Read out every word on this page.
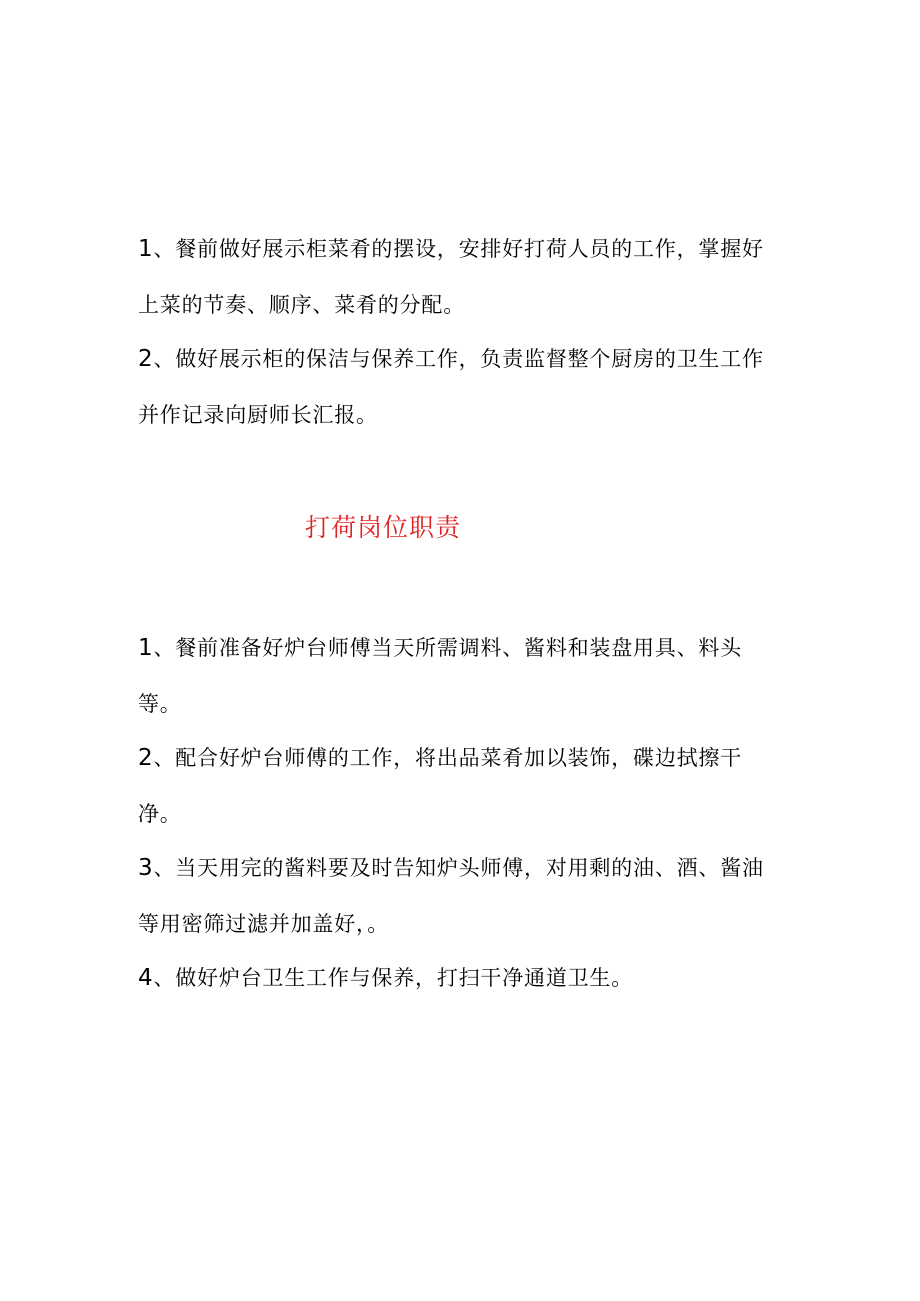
1、餐前做好展示柜菜肴的摆设，安排好打荷人员的工作，掌握好上菜的节奏、顺序、菜肴的分配。

2、做好展示柜的保洁与保养工作，负责监督整个厨房的卫生工作并作记录向厨师长汇报。

打荷岗位职责

1、餐前准备好炉台师傅当天所需调料、酱料和装盘用具、料头等。

2、配合好炉台师傅的工作，将出品菜肴加以装饰，碟边拭擦干净。

3、当天用完的酱料要及时告知炉头师傅，对用剩的油、酒、酱油等用密筛过滤并加盖好，。

4、做好炉台卫生工作与保养，打扫干净通道卫生。
